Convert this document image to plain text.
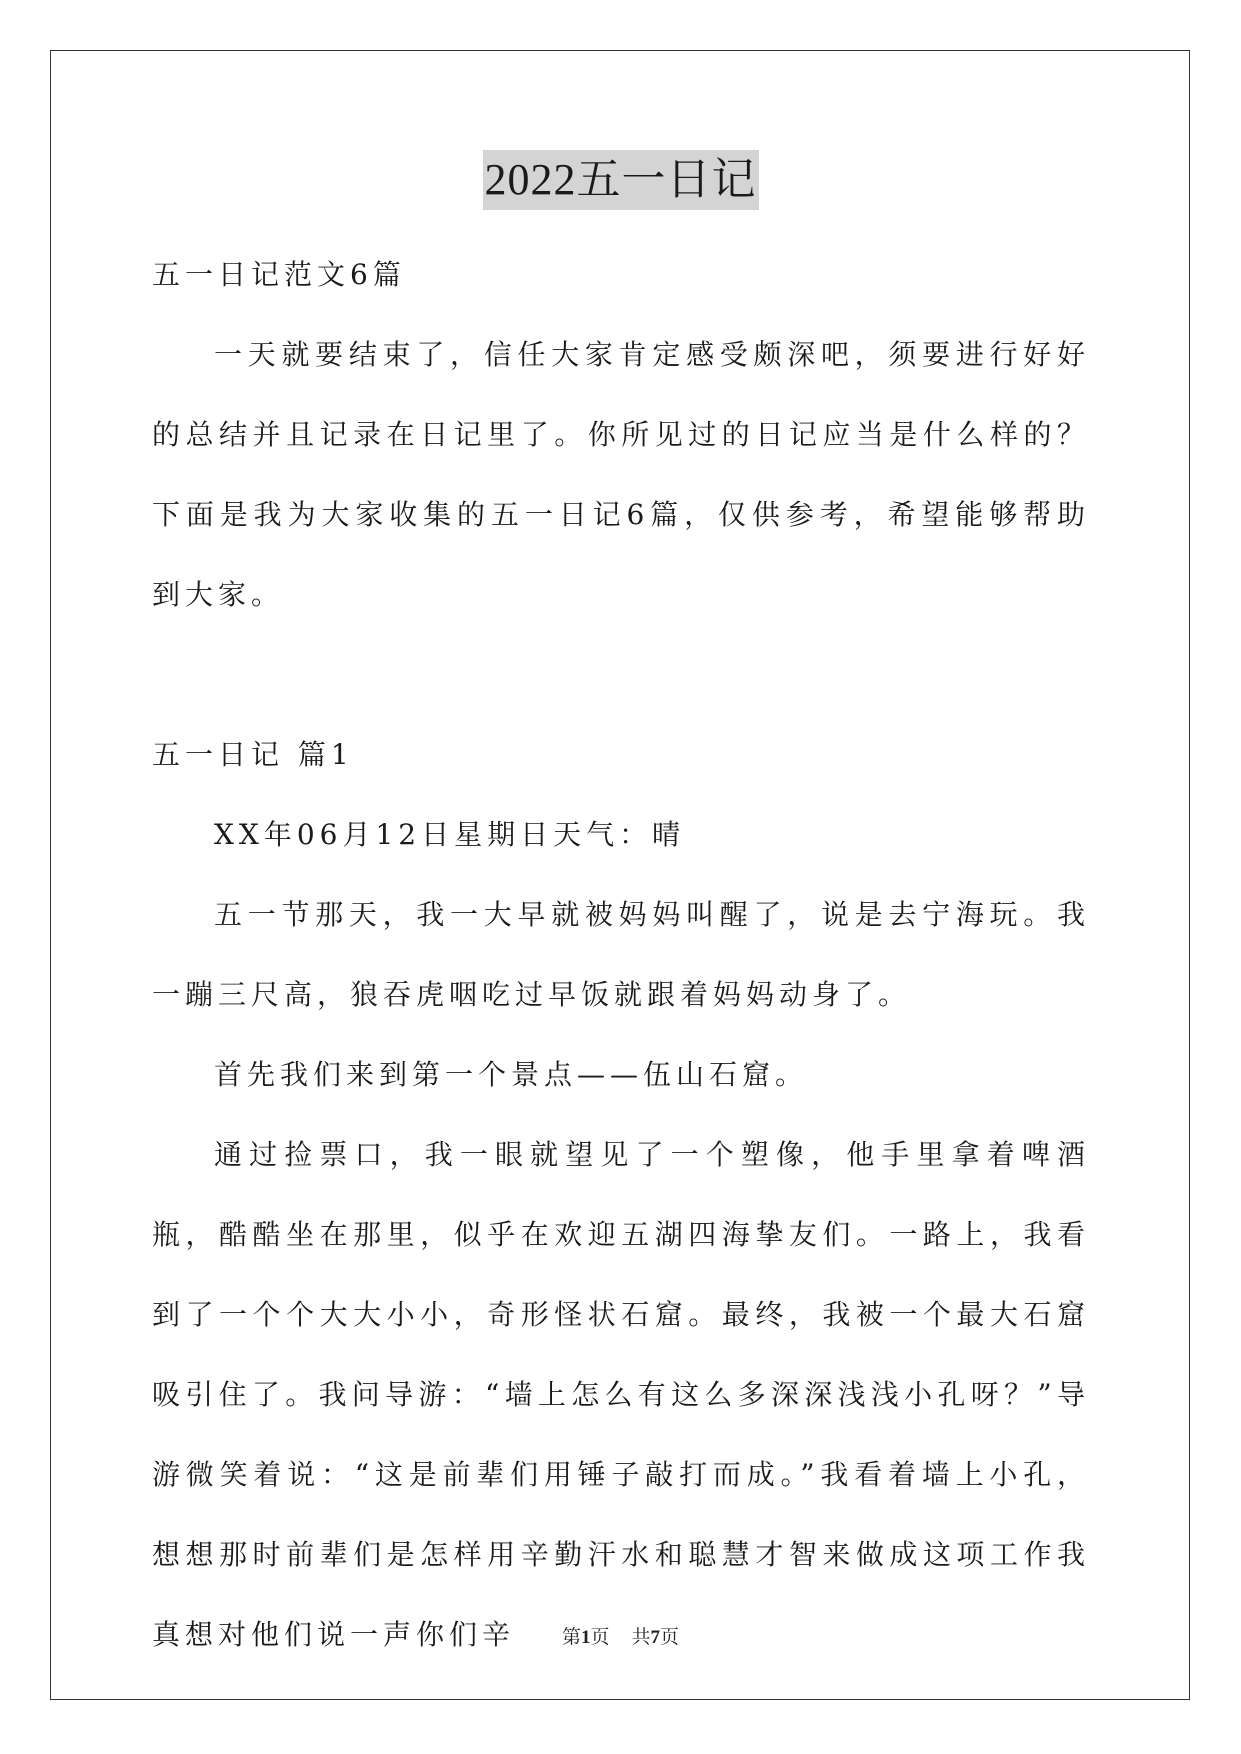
2022五一日记

五一日记范文6篇

一天就要结束了，信任大家肯定感受颇深吧，须要进行好好的总结并且记录在日记里了。你所见过的日记应当是什么样的？下面是我为大家收集的五一日记6篇，仅供参考，希望能够帮助到大家。

五一日记 篇1

XX年06月12日星期日天气：晴

五一节那天，我一大早就被妈妈叫醒了，说是去宁海玩。我一蹦三尺高，狼吞虎咽吃过早饭就跟着妈妈动身了。

首先我们来到第一个景点——伍山石窟。

通过捡票口，我一眼就望见了一个塑像，他手里拿着啤酒瓶，酷酷坐在那里，似乎在欢迎五湖四海挚友们。一路上，我看到了一个个大大小小，奇形怪状石窟。最终，我被一个最大石窟吸引住了。我问导游：“墙上怎么有这么多深深浅浅小孔呀？”导游微笑着说：“这是前辈们用锤子敲打而成。”我看着墙上小孔，想想那时前辈们是怎样用辛勤汗水和聪慧才智来做成这项工作我真想对他们说一声你们辛	第1页 共7页
